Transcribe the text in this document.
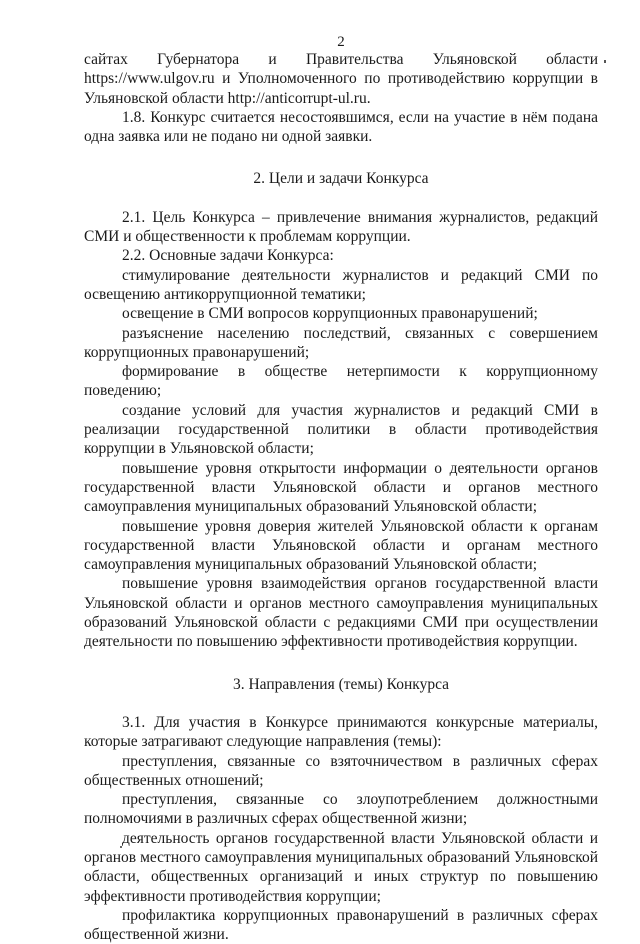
2

сайтах Губернатора и Правительства Ульяновской области https://www.ulgov.ru и Уполномоченного по противодействию коррупции в Ульяновской области http://anticorrupt-ul.ru.

1.8. Конкурс считается несостоявшимся, если на участие в нём подана одна заявка или не подано ни одной заявки.

2. Цели и задачи Конкурса

2.1. Цель Конкурса – привлечение внимания журналистов, редакций СМИ и общественности к проблемам коррупции.

2.2. Основные задачи Конкурса:

стимулирование деятельности журналистов и редакций СМИ по освещению антикоррупционной тематики;

освещение в СМИ вопросов коррупционных правонарушений;

разъяснение населению последствий, связанных с совершением коррупционных правонарушений;

формирование в обществе нетерпимости к коррупционному поведению;

создание условий для участия журналистов и редакций СМИ в реализации государственной политики в области противодействия коррупции в Ульяновской области;

повышение уровня открытости информации о деятельности органов государственной власти Ульяновской области и органов местного самоуправления муниципальных образований Ульяновской области;

повышение уровня доверия жителей Ульяновской области к органам государственной власти Ульяновской области и органам местного самоуправления муниципальных образований Ульяновской области;

повышение уровня взаимодействия органов государственной власти Ульяновской области и органов местного самоуправления муниципальных образований Ульяновской области с редакциями СМИ при осуществлении деятельности по повышению эффективности противодействия коррупции.

3. Направления (темы) Конкурса

3.1. Для участия в Конкурсе принимаются конкурсные материалы, которые затрагивают следующие направления (темы):

преступления, связанные со взяточничеством в различных сферах общественных отношений;

преступления, связанные со злоупотреблением должностными полномочиями в различных сферах общественной жизни;

деятельность органов государственной власти Ульяновской области и органов местного самоуправления муниципальных образований Ульяновской области, общественных организаций и иных структур по повышению эффективности противодействия коррупции;

профилактика коррупционных правонарушений в различных сферах общественной жизни.
